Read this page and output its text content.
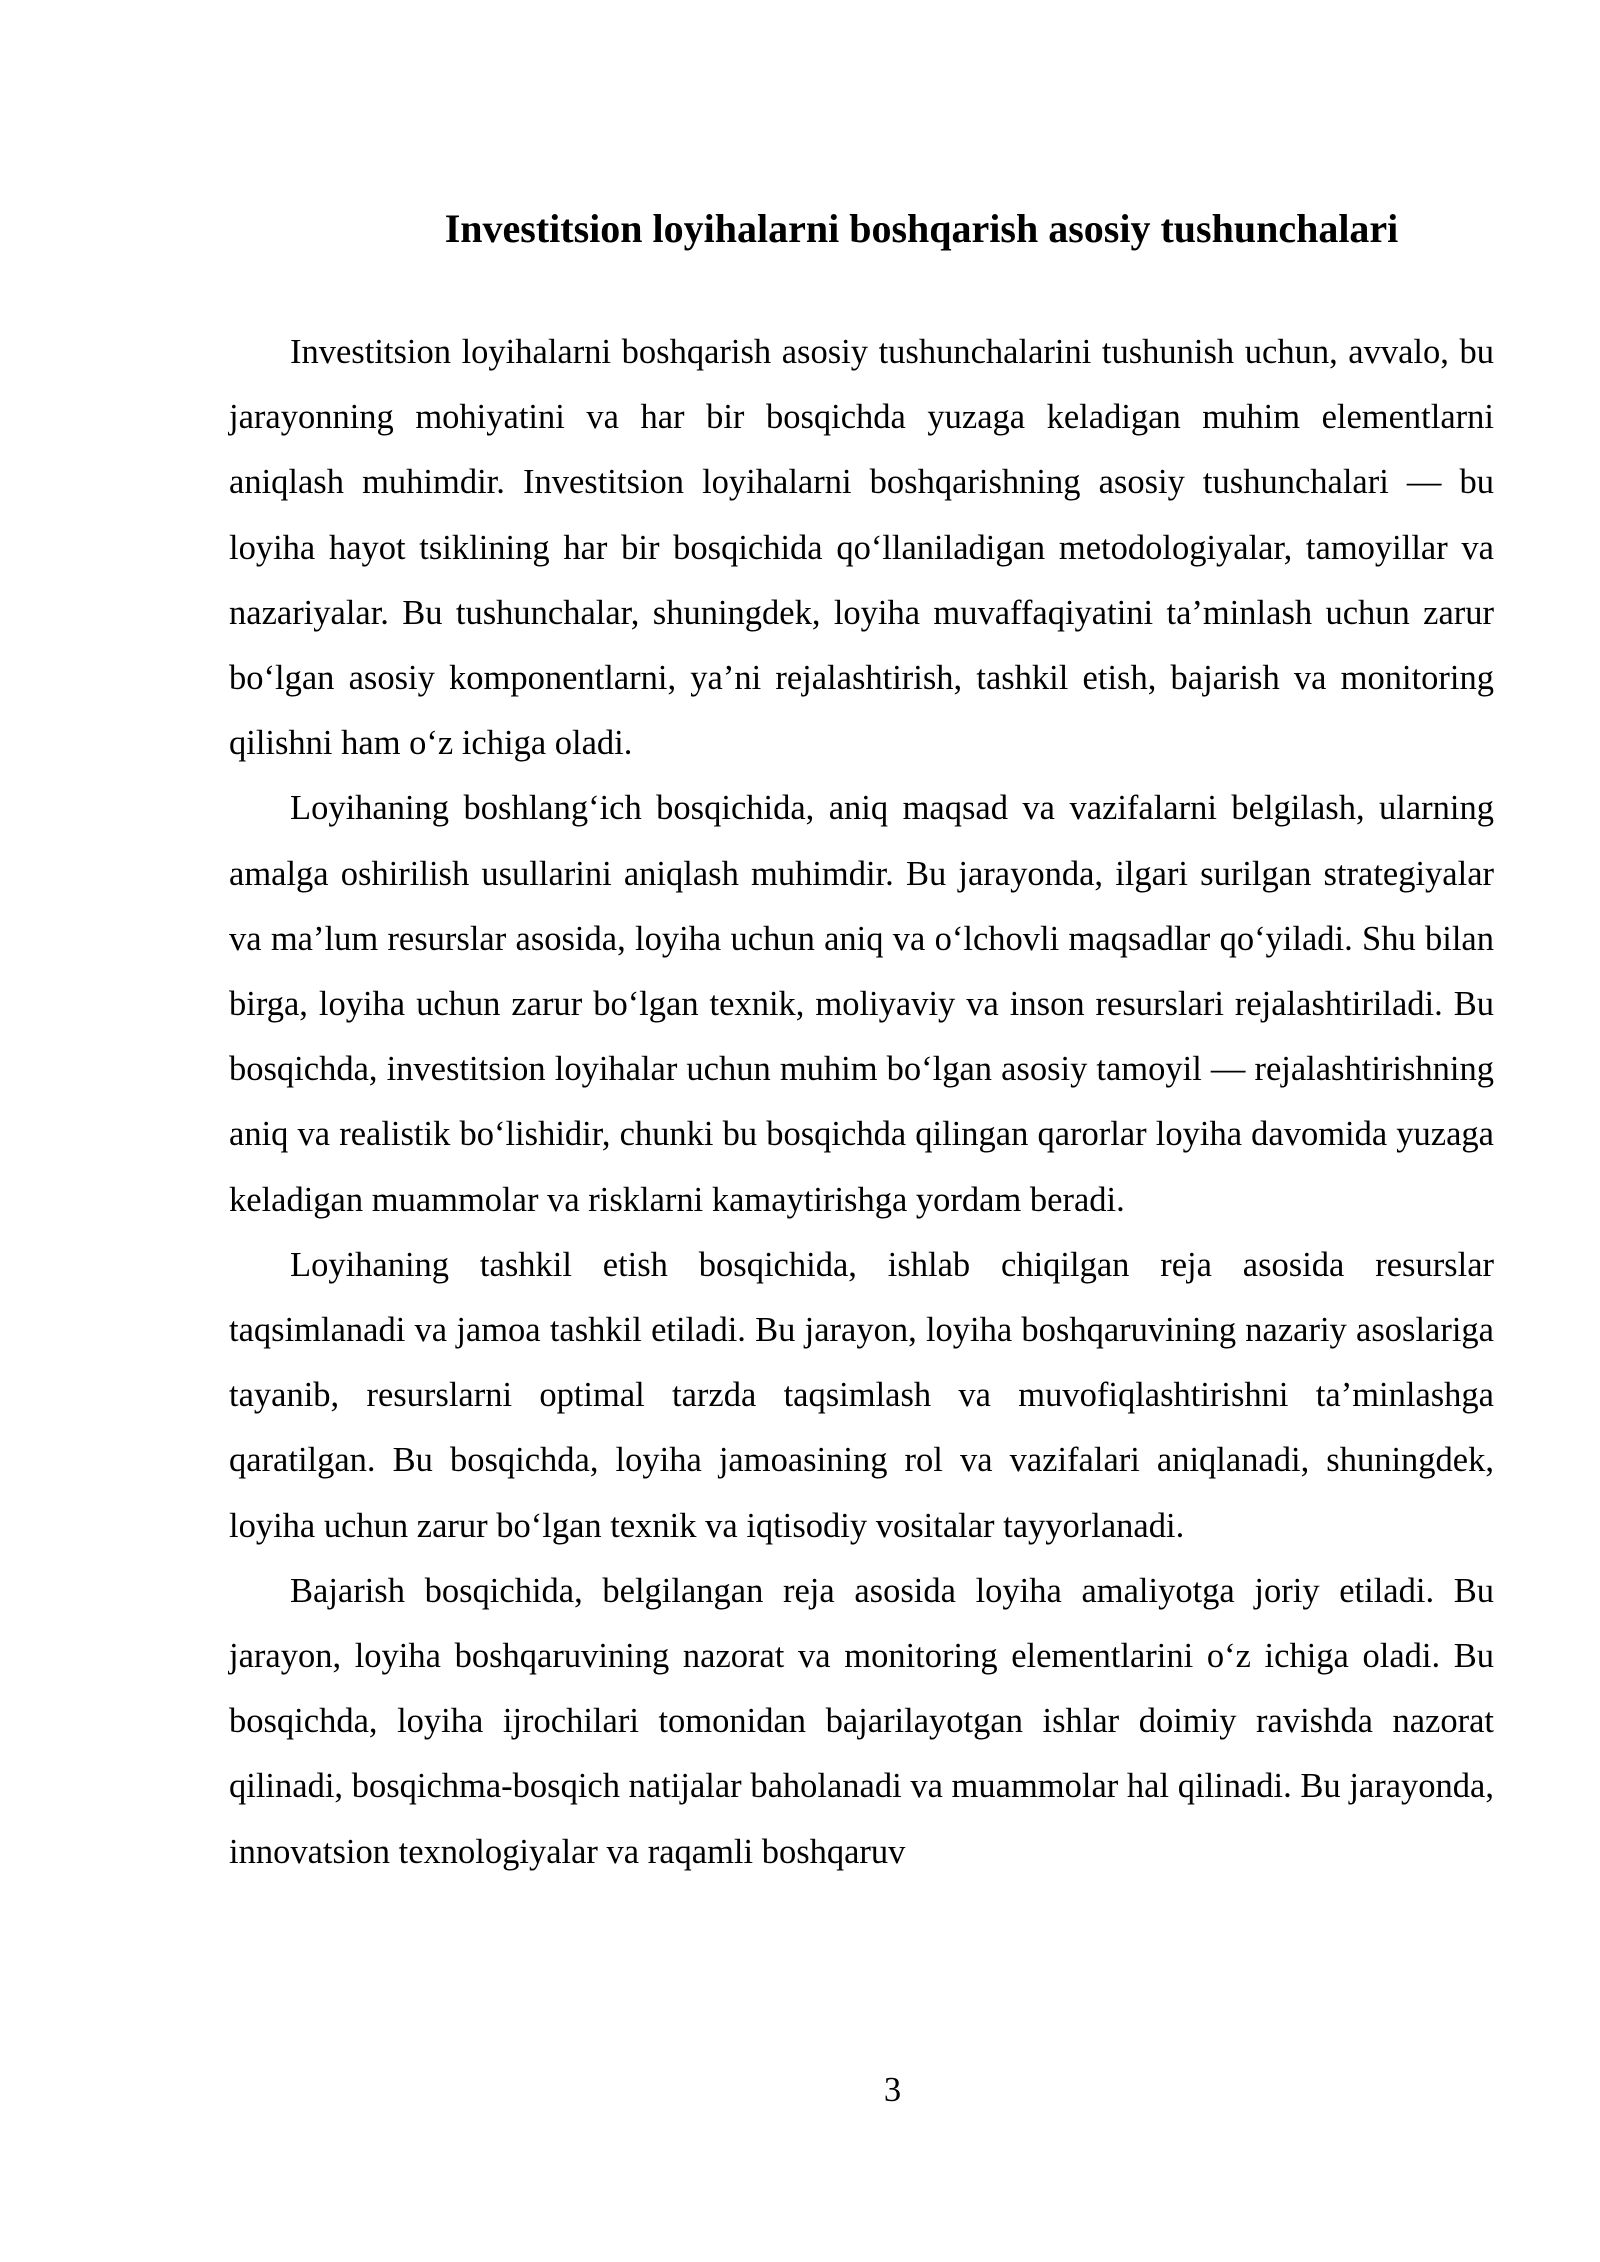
Investitsion loyihalarni boshqarish asosiy tushunchalari

Investitsion loyihalarni boshqarish asosiy tushunchalarini tushunish uchun, avvalo, bu jarayonning mohiyatini va har bir bosqichda yuzaga keladigan muhim elementlarni aniqlash muhimdir. Investitsion loyihalarni boshqarishning asosiy tushunchalari — bu loyiha hayot tsiklining har bir bosqichida qo‘llaniladigan metodologiyalar, tamoyillar va nazariyalar. Bu tushunchalar, shuningdek, loyiha muvaffaqiyatini ta’minlash uchun zarur bo‘lgan asosiy komponentlarni, ya’ni rejalashtirish, tashkil etish, bajarish va monitoring qilishni ham o‘z ichiga oladi.

Loyihaning boshlang‘ich bosqichida, aniq maqsad va vazifalarni belgilash, ularning amalga oshirilish usullarini aniqlash muhimdir. Bu jarayonda, ilgari surilgan strategiyalar va ma’lum resurslar asosida, loyiha uchun aniq va o‘lchovli maqsadlar qo‘yiladi. Shu bilan birga, loyiha uchun zarur bo‘lgan texnik, moliyaviy va inson resurslari rejalashtiriladi. Bu bosqichda, investitsion loyihalar uchun muhim bo‘lgan asosiy tamoyil — rejalashtirishning aniq va realistik bo‘lishidir, chunki bu bosqichda qilingan qarorlar loyiha davomida yuzaga keladigan muammolar va risklarni kamaytirishga yordam beradi.

Loyihaning tashkil etish bosqichida, ishlab chiqilgan reja asosida resurslar taqsimlanadi va jamoa tashkil etiladi. Bu jarayon, loyiha boshqaruvining nazariy asoslariga tayanib, resurslarni optimal tarzda taqsimlash va muvofiqlashtirishni ta’minlashga qaratilgan. Bu bosqichda, loyiha jamoasining rol va vazifalari aniqlanadi, shuningdek, loyiha uchun zarur bo‘lgan texnik va iqtisodiy vositalar tayyorlanadi.

Bajarish bosqichida, belgilangan reja asosida loyiha amaliyotga joriy etiladi. Bu jarayon, loyiha boshqaruvining nazorat va monitoring elementlarini o‘z ichiga oladi. Bu bosqichda, loyiha ijrochilari tomonidan bajarilayotgan ishlar doimiy ravishda nazorat qilinadi, bosqichma-bosqich natijalar baholanadi va muammolar hal qilinadi. Bu jarayonda, innovatsion texnologiyalar va raqamli boshqaruv

3
